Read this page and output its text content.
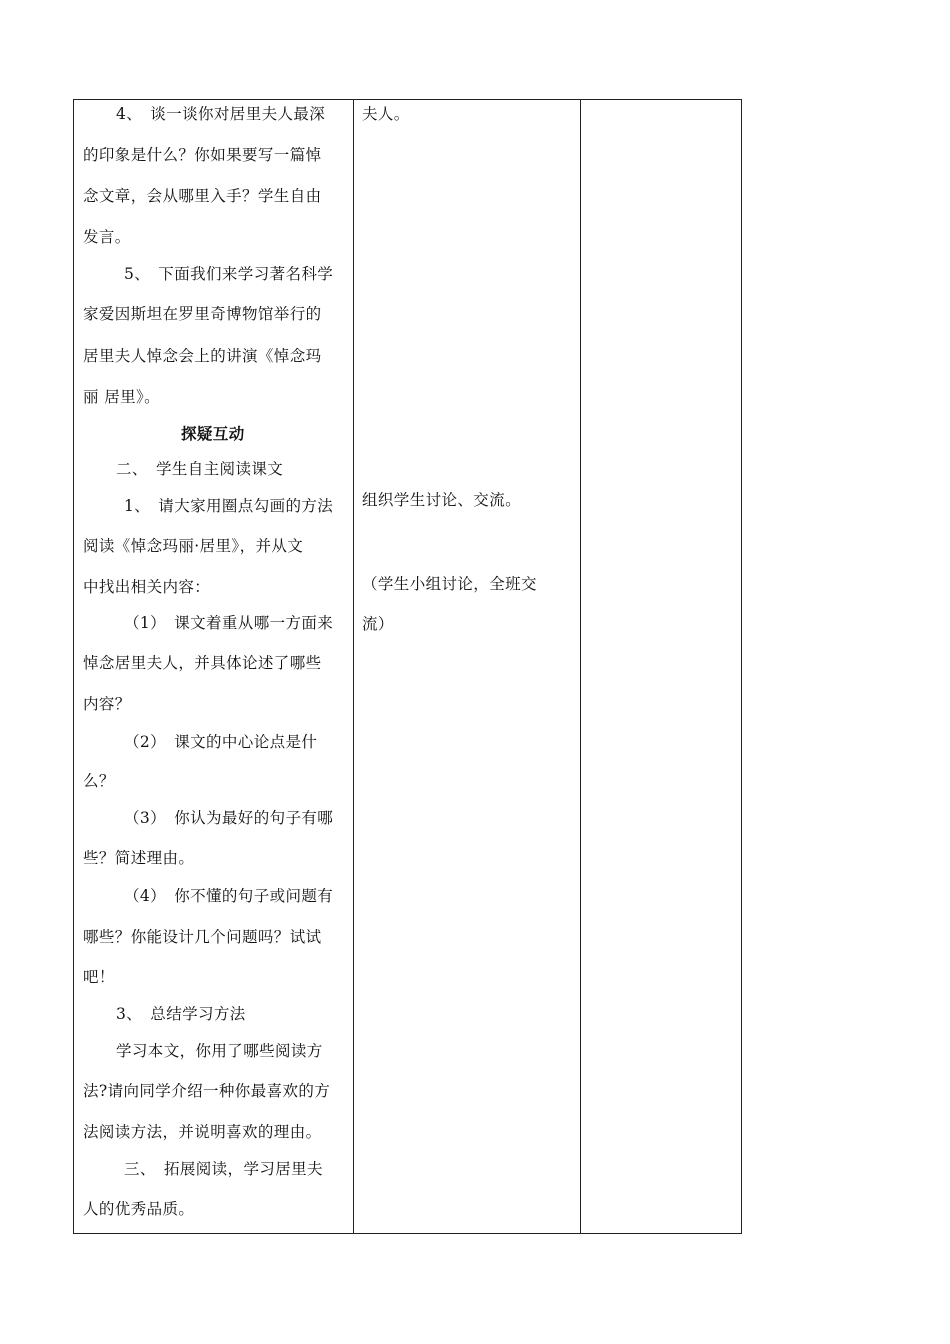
4、　谈一谈你对居里夫人最深
的印象是什么？你如果要写一篇悼
念文章，会从哪里入手？学生自由
发言。
5、　下面我们来学习著名科学
家爱因斯坦在罗里奇博物馆举行的
居里夫人悼念会上的讲演《悼念玛
丽 居里》。
探疑互动
二、　学生自主阅读课文
1、　请大家用圈点勾画的方法
阅读《悼念玛丽·居里》，并从文
中找出相关内容：
（1）　课文着重从哪一方面来
悼念居里夫人，并具体论述了哪些
内容？
（2）　课文的中心论点是什
么？
（3）　你认为最好的句子有哪
些？简述理由。
（4）　你不懂的句子或问题有
哪些？你能设计几个问题吗？试试
吧！
3、　总结学习方法
学习本文，你用了哪些阅读方
法?请向同学介绍一种你最喜欢的方
法阅读方法，并说明喜欢的理由。
三、　拓展阅读，学习居里夫
人的优秀品质。
夫人。
组织学生讨论、交流。
（学生小组讨论，全班交
流）
